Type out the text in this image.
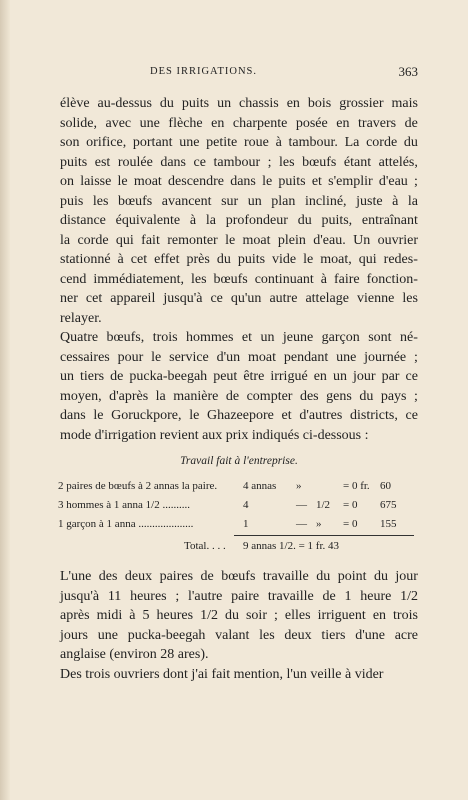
DES IRRIGATIONS.	363
élève au-dessus du puits un chassis en bois grossier mais
solide, avec une flèche en charpente posée en travers de
son orifice, portant une petite roue à tambour. La corde du
puits est roulée dans ce tambour ; les bœufs étant attelés,
on laisse le moat descendre dans le puits et s'emplir d'eau ;
puis les bœufs avancent sur un plan incliné, juste à la
distance équivalente à la profondeur du puits, entraînant
la corde qui fait remonter le moat plein d'eau. Un ouvrier
stationné à cet effet près du puits vide le moat, qui redes-
cend immédiatement, les bœufs continuant à faire fonction-
ner cet appareil jusqu'à ce qu'un autre attelage vienne les
relayer.
Quatre bœufs, trois hommes et un jeune garçon sont né-
cessaires pour le service d'un moat pendant une journée ;
un tiers de pucka-beegah peut être irrigué en un jour par ce
moyen, d'après la manière de compter des gens du pays ;
dans le Goruckpore, le Ghazeepore et d'autres districts, ce
mode d'irrigation revient aux prix indiqués ci-dessous :
Travail fait à l'entreprise.
2 paires de bœufs à 2 annas la paire. 4 annas »	= 0 fr. 60
3 hommes à 1 anna 1/2 ..........	4	— 1/2 = 0 675
1 garçon à 1 anna ....................	1	— » = 0 155
Total. . . . 9 annas 1/2. = 1 fr. 43
L'une des deux paires de bœufs travaille du point du jour
jusqu'à 11 heures ; l'autre paire travaille de 1 heure 1/2
après midi à 5 heures 1/2 du soir ; elles irriguent en trois
jours une pucka-beegah valant les deux tiers d'une acre
anglaise (environ 28 ares).
Des trois ouvriers dont j'ai fait mention, l'un veille à vider
